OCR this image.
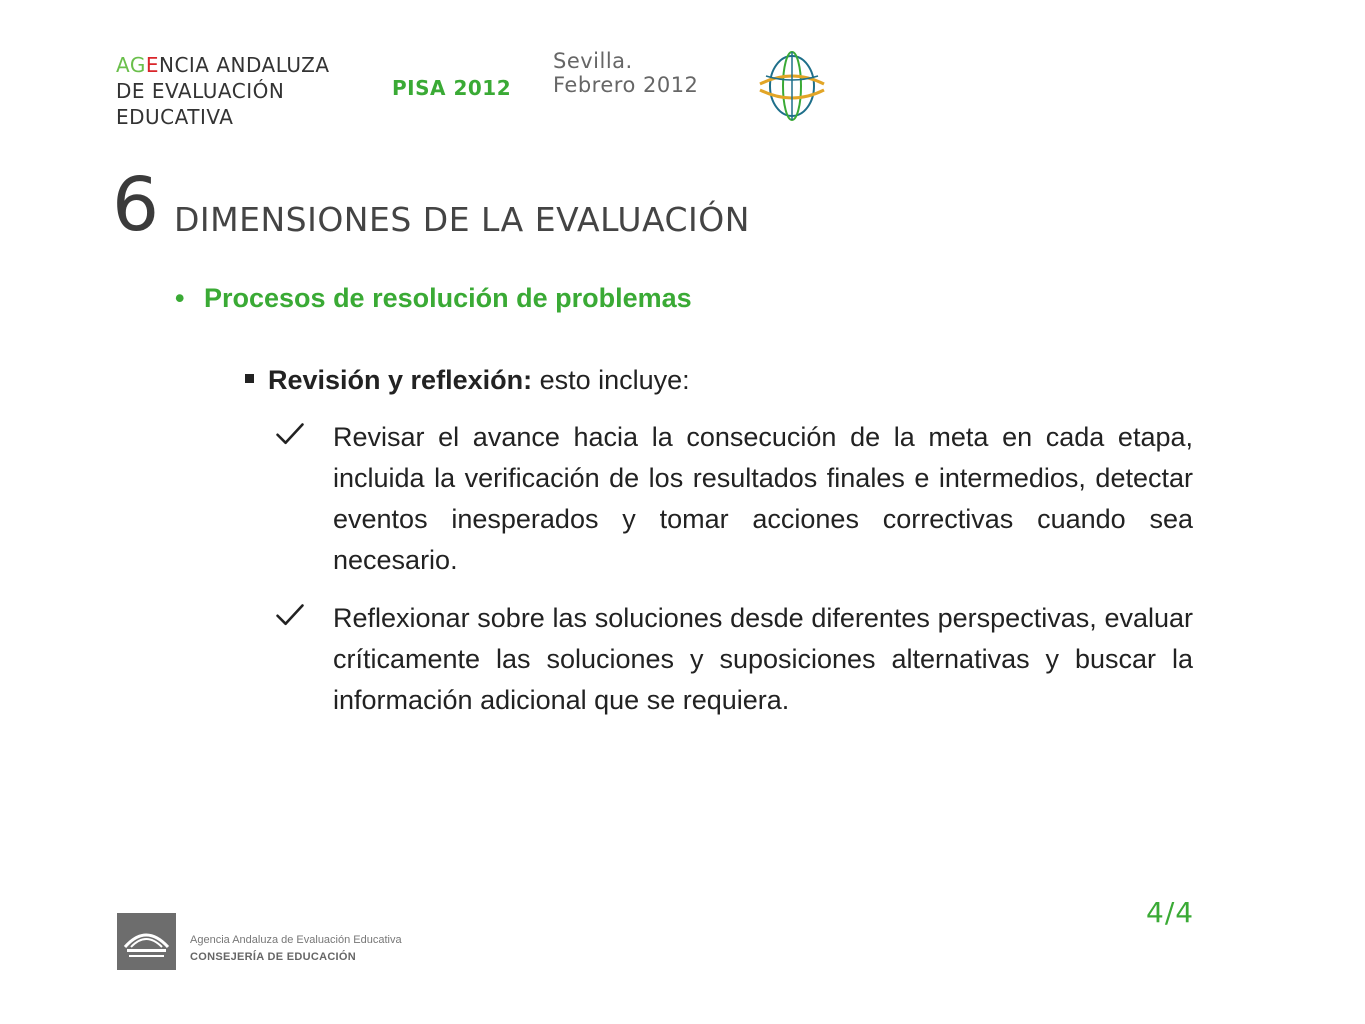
AGENCIA ANDALUZA
DE EVALUACIÓN
EDUCATIVA
PISA 2012
Sevilla.
Febrero 2012
6 DIMENSIONES DE LA EVALUACIÓN
• Procesos de resolución de problemas
Revisión y reflexión: esto incluye:
Revisar el avance hacia la consecución de la meta en cada etapa, incluida la verificación de los resultados finales e intermedios, detectar eventos inesperados y tomar acciones correctivas cuando sea necesario.
Reflexionar sobre las soluciones desde diferentes perspectivas, evaluar críticamente las soluciones y suposiciones alternativas y buscar la información adicional que se requiera.
4/4
Agencia Andaluza de Evaluación Educativa
CONSEJERÍA DE EDUCACIÓN
